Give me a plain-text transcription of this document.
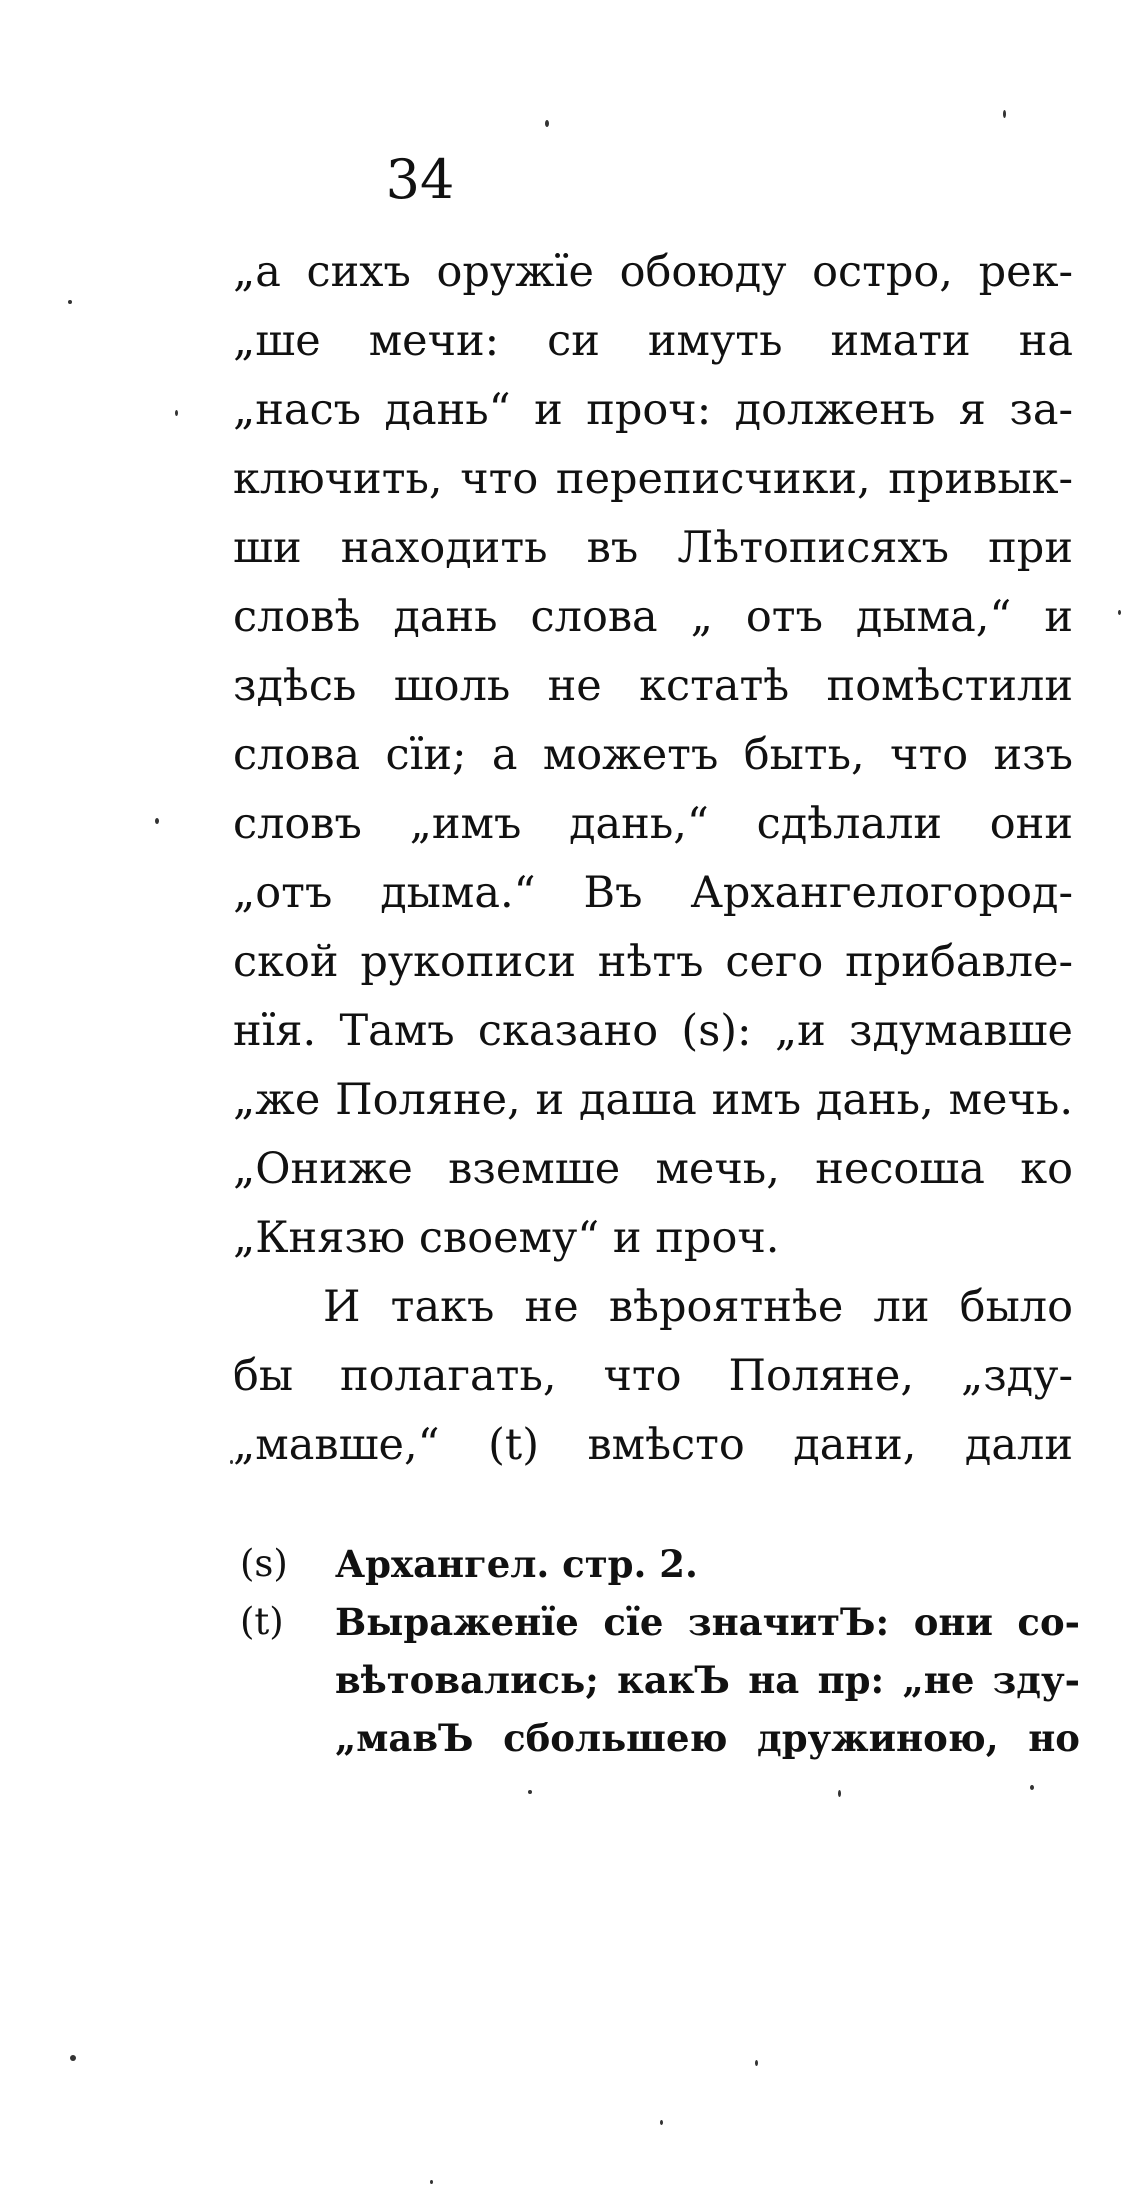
34
„а сихъ оружїе обоюду остро, рек-
„ше мечи: си имуть имати на
„насъ дань“ и проч: долженъ я за-
ключить, что переписчики, привык-
ши находить въ Лѣтописяхъ при
словѣ дань слова „ отъ дыма,“ и
здѣсь шоль не кстатѣ помѣстили
слова сїи; а можетъ быть, что изъ
словъ „имъ дань,“ сдѣлали они
„отъ дыма.“ Въ Архангелогород-
ской рукописи нѣтъ сего прибавле-
нїя. Тамъ сказано (s): „и здумавше
„же Поляне, и даша имъ дань, мечь.
„Ониже вземше мечь, несоша ко
„Князю своему“ и проч.
И такъ не вѣроятнѣе ли было
бы полагать, что Поляне, „зду-
„мавше,“ (t) вмѣсто дани, дали
(s)	Архангел. стр. 2.
(t)	Выраженїе сїе значитЪ: они со-
вѣтовались; какЪ на пр: „не зду-
„мавЪ сбольшею дружиною, но
